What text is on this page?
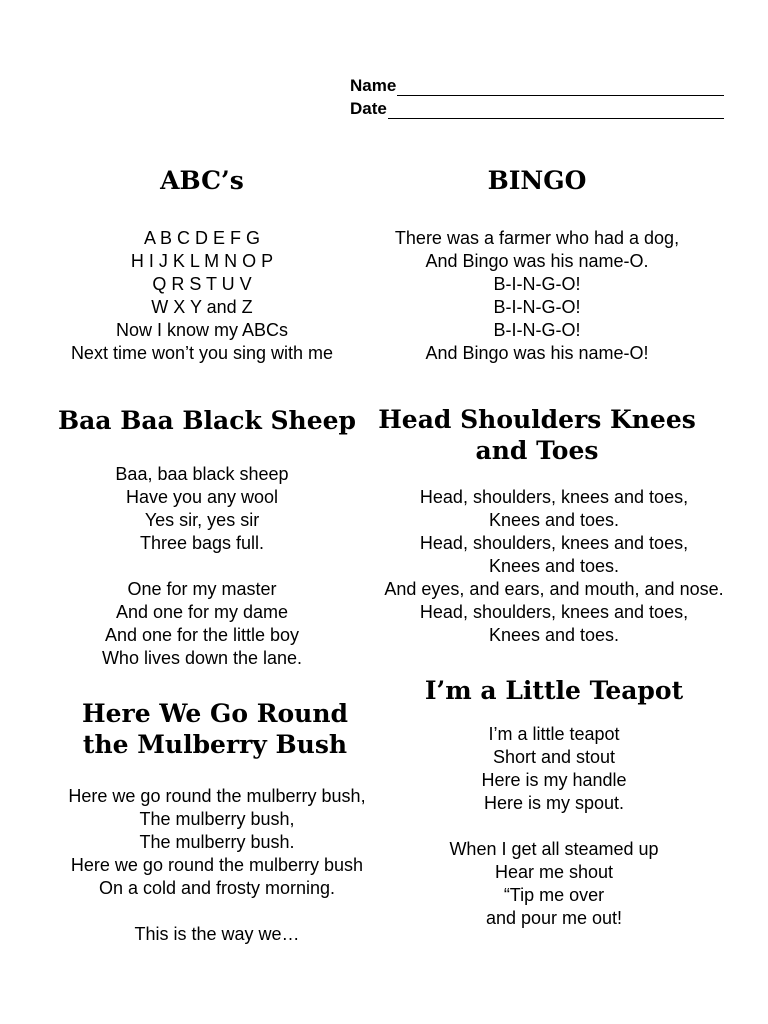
Name
Date
ABC’s

A B C D E F G
H I J K L M N O P
Q R S T U V
W X Y and Z
Now I know my ABCs
Next time won’t you sing with me

BINGO

There was a farmer who had a dog,
And Bingo was his name-O.
B-I-N-G-O!
B-I-N-G-O!
B-I-N-G-O!
And Bingo was his name-O!

Baa Baa Black Sheep

Baa, baa black sheep
Have you any wool
Yes sir, yes sir
Three bags full.

One for my master
And one for my dame
And one for the little boy
Who lives down the lane.

Head Shoulders Knees
and Toes

Head, shoulders, knees and toes,
Knees and toes.
Head, shoulders, knees and toes,
Knees and toes.
And eyes, and ears, and mouth, and nose.
Head, shoulders, knees and toes,
Knees and toes.

Here We Go Round
the Mulberry Bush

Here we go round the mulberry bush,
The mulberry bush,
The mulberry bush.
Here we go round the mulberry bush
On a cold and frosty morning.

This is the way we…

I’m a Little Teapot

I’m a little teapot
Short and stout
Here is my handle
Here is my spout.

When I get all steamed up
Hear me shout
“Tip me over
and pour me out!
